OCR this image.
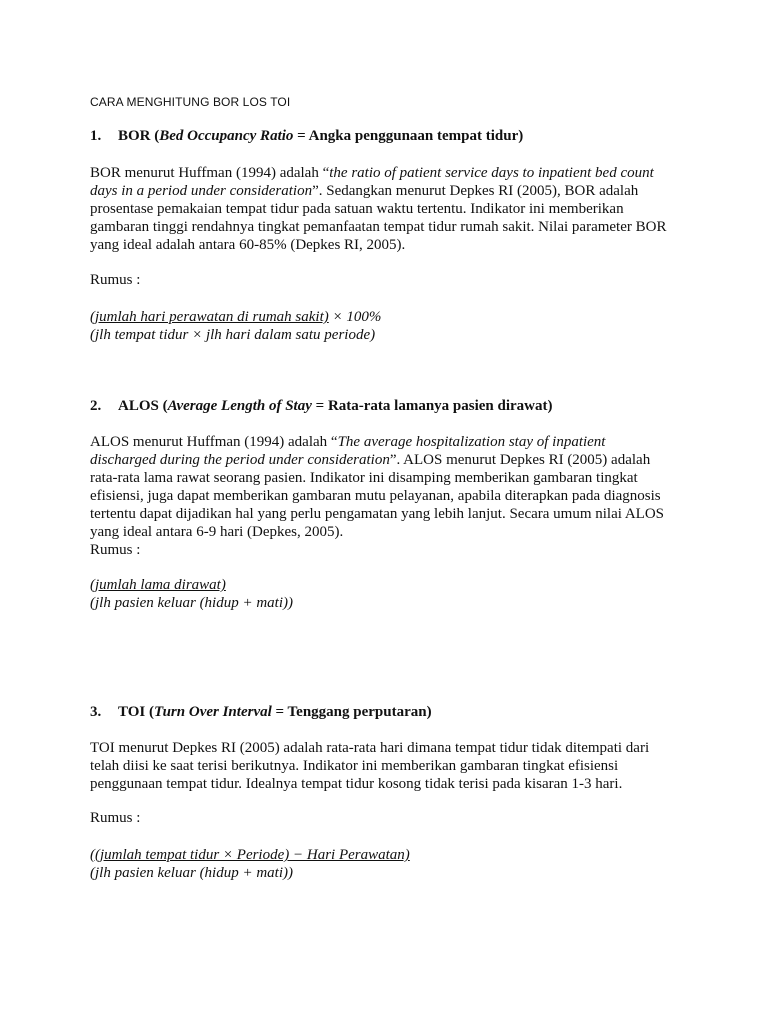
CARA MENGHITUNG BOR LOS TOI
1. BOR (Bed Occupancy Ratio = Angka penggunaan tempat tidur)
BOR menurut Huffman (1994) adalah “the ratio of patient service days to inpatient bed count
days in a period under consideration”. Sedangkan menurut Depkes RI (2005), BOR adalah
prosentase pemakaian tempat tidur pada satuan waktu tertentu. Indikator ini memberikan
gambaran tinggi rendahnya tingkat pemanfaatan tempat tidur rumah sakit. Nilai parameter BOR
yang ideal adalah antara 60-85% (Depkes RI, 2005).
Rumus :
(jumlah hari perawatan di rumah sakit) × 100%
(jlh tempat tidur × jlh hari dalam satu periode)
2. ALOS (Average Length of Stay = Rata-rata lamanya pasien dirawat)
ALOS menurut Huffman (1994) adalah “The average hospitalization stay of inpatient
discharged during the period under consideration”. ALOS menurut Depkes RI (2005) adalah
rata-rata lama rawat seorang pasien. Indikator ini disamping memberikan gambaran tingkat
efisiensi, juga dapat memberikan gambaran mutu pelayanan, apabila diterapkan pada diagnosis
tertentu dapat dijadikan hal yang perlu pengamatan yang lebih lanjut. Secara umum nilai ALOS
yang ideal antara 6-9 hari (Depkes, 2005).
Rumus :
(jumlah lama dirawat)
(jlh pasien keluar (hidup + mati))
3. TOI (Turn Over Interval = Tenggang perputaran)
TOI menurut Depkes RI (2005) adalah rata-rata hari dimana tempat tidur tidak ditempati dari
telah diisi ke saat terisi berikutnya. Indikator ini memberikan gambaran tingkat efisiensi
penggunaan tempat tidur. Idealnya tempat tidur kosong tidak terisi pada kisaran 1-3 hari.
Rumus :
((jumlah tempat tidur × Periode) − Hari Perawatan)
(jlh pasien keluar (hidup + mati))
